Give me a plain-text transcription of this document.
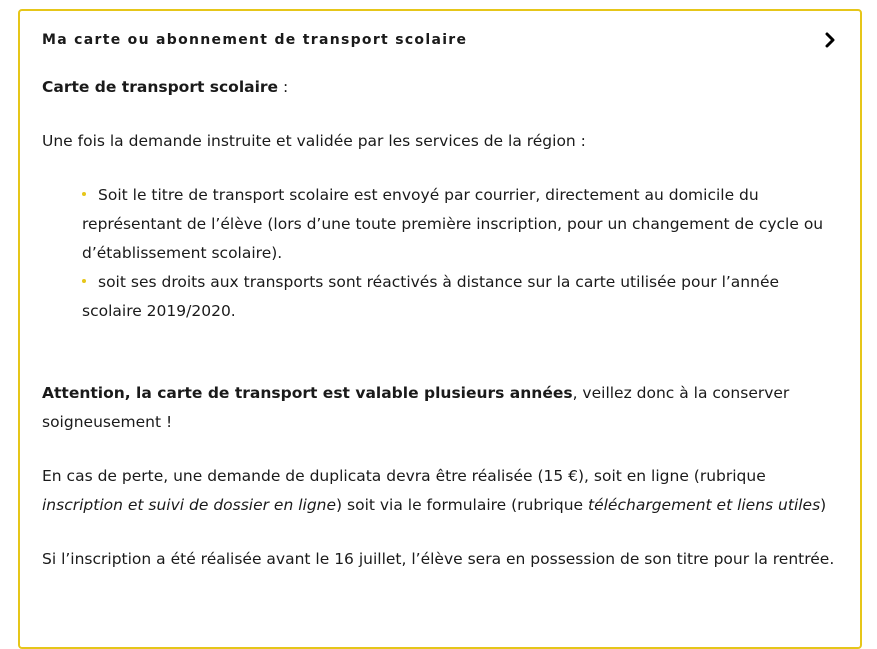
Ma carte ou abonnement de transport scolaire

Carte de transport scolaire :

Une fois la demande instruite et validée par les services de la région :

Soit le titre de transport scolaire est envoyé par courrier, directement au domicile du représentant de l’élève (lors d’une toute première inscription, pour un changement de cycle ou d’établissement scolaire).
soit ses droits aux transports sont réactivés à distance sur la carte utilisée pour l’année scolaire 2019/2020.

Attention, la carte de transport est valable plusieurs années, veillez donc à la conserver soigneusement !

En cas de perte, une demande de duplicata devra être réalisée (15 €), soit en ligne (rubrique inscription et suivi de dossier en ligne) soit via le formulaire (rubrique téléchargement et liens utiles)

Si l’inscription a été réalisée avant le 16 juillet, l’élève sera en possession de son titre pour la rentrée.
